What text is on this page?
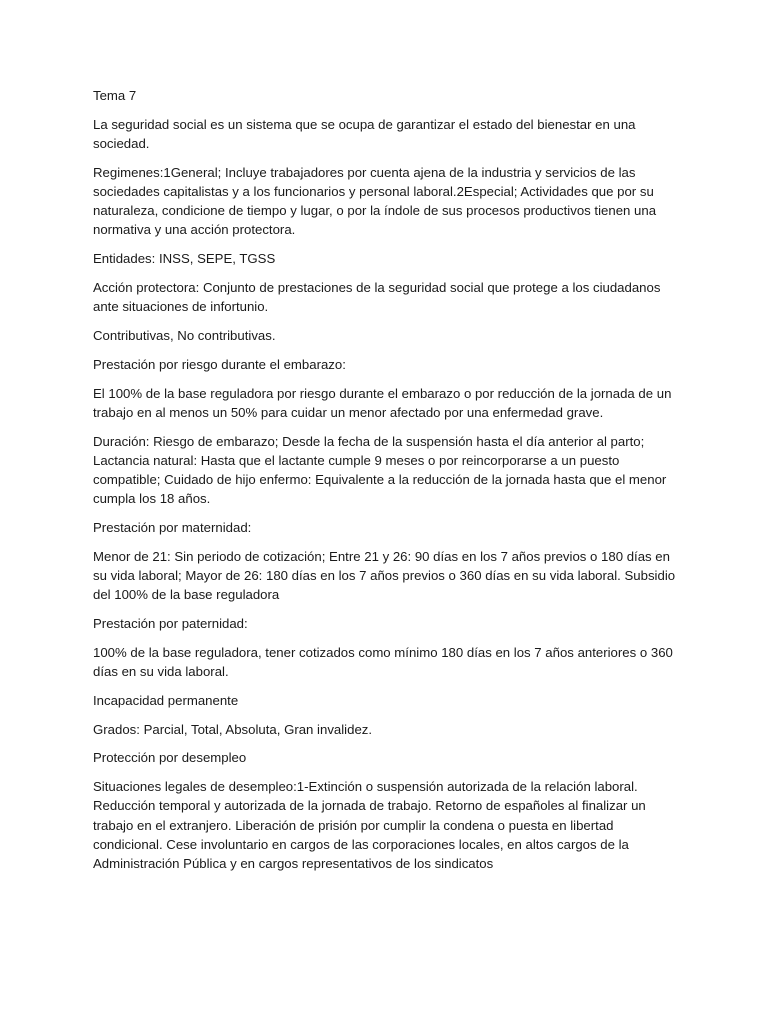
Tema 7

La seguridad social es un sistema que se ocupa de garantizar el estado del bienestar en una sociedad.

Regimenes:1General; Incluye trabajadores por cuenta ajena de la industria y servicios de las sociedades capitalistas y a los funcionarios y personal laboral.2Especial; Actividades que por su naturaleza, condicione de tiempo y lugar, o por la índole de sus procesos productivos tienen una normativa y una acción protectora.

Entidades: INSS, SEPE, TGSS

Acción protectora: Conjunto de prestaciones de la seguridad social que protege a los ciudadanos ante situaciones de infortunio.

Contributivas, No contributivas.

Prestación por riesgo durante el embarazo:

El 100% de la base reguladora por riesgo durante el embarazo o por reducción de la jornada de un trabajo en al menos un 50% para cuidar un menor afectado por una enfermedad grave.

Duración: Riesgo de embarazo; Desde la fecha de la suspensión hasta el día anterior al parto; Lactancia natural: Hasta que el lactante cumple 9 meses o por reincorporarse a un puesto compatible; Cuidado de hijo enfermo: Equivalente a la reducción de la jornada hasta que el menor cumpla los 18 años.

Prestación por maternidad:

Menor de 21: Sin periodo de cotización; Entre 21 y 26: 90 días en los 7 años previos o 180 días en su vida laboral; Mayor de 26: 180 días en los 7 años previos o 360 días en su vida laboral. Subsidio del 100% de la base reguladora

Prestación por paternidad:

100% de la base reguladora, tener cotizados como mínimo 180 días en los 7 años anteriores o 360 días en su vida laboral.

Incapacidad permanente

Grados: Parcial, Total, Absoluta, Gran invalidez.

Protección por desempleo

Situaciones legales de desempleo:1-Extinción o suspensión autorizada de la relación laboral. Reducción temporal y autorizada de la jornada de trabajo. Retorno de españoles al finalizar un trabajo en el extranjero. Liberación de prisión por cumplir la condena o puesta en libertad condicional. Cese involuntario en cargos de las corporaciones locales, en altos cargos de la Administración Pública y en cargos representativos de los sindicatos
